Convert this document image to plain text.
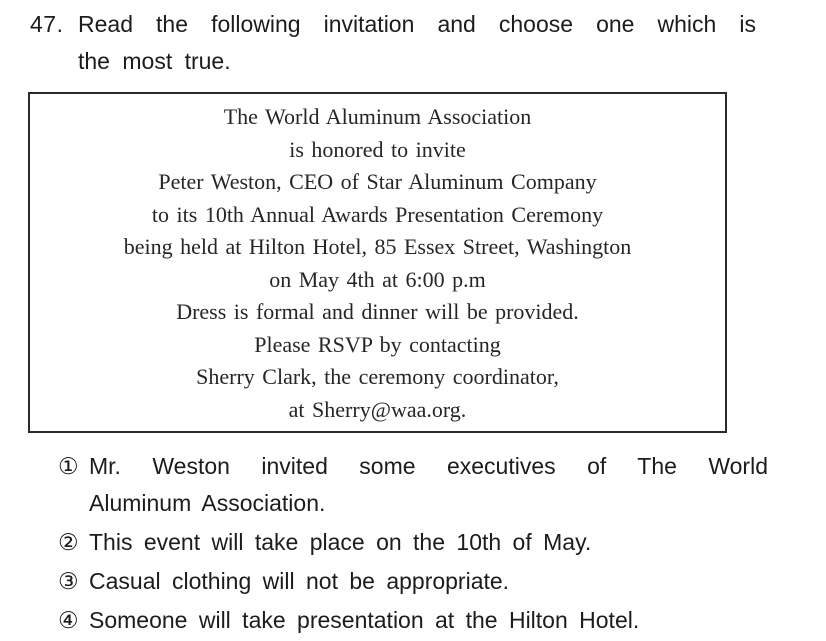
47. Read the following invitation and choose one which is
the most true.
The World Aluminum Association
is honored to invite
Peter Weston, CEO of Star Aluminum Company
to its 10th Annual Awards Presentation Ceremony
being held at Hilton Hotel, 85 Essex Street, Washington
on May 4th at 6:00 p.m
Dress is formal and dinner will be provided.
Please RSVP by contacting
Sherry Clark, the ceremony coordinator,
at Sherry@waa.org.
① Mr. Weston invited some executives of The World
Aluminum Association.
② This event will take place on the 10th of May.
③ Casual clothing will not be appropriate.
④ Someone will take presentation at the Hilton Hotel.
